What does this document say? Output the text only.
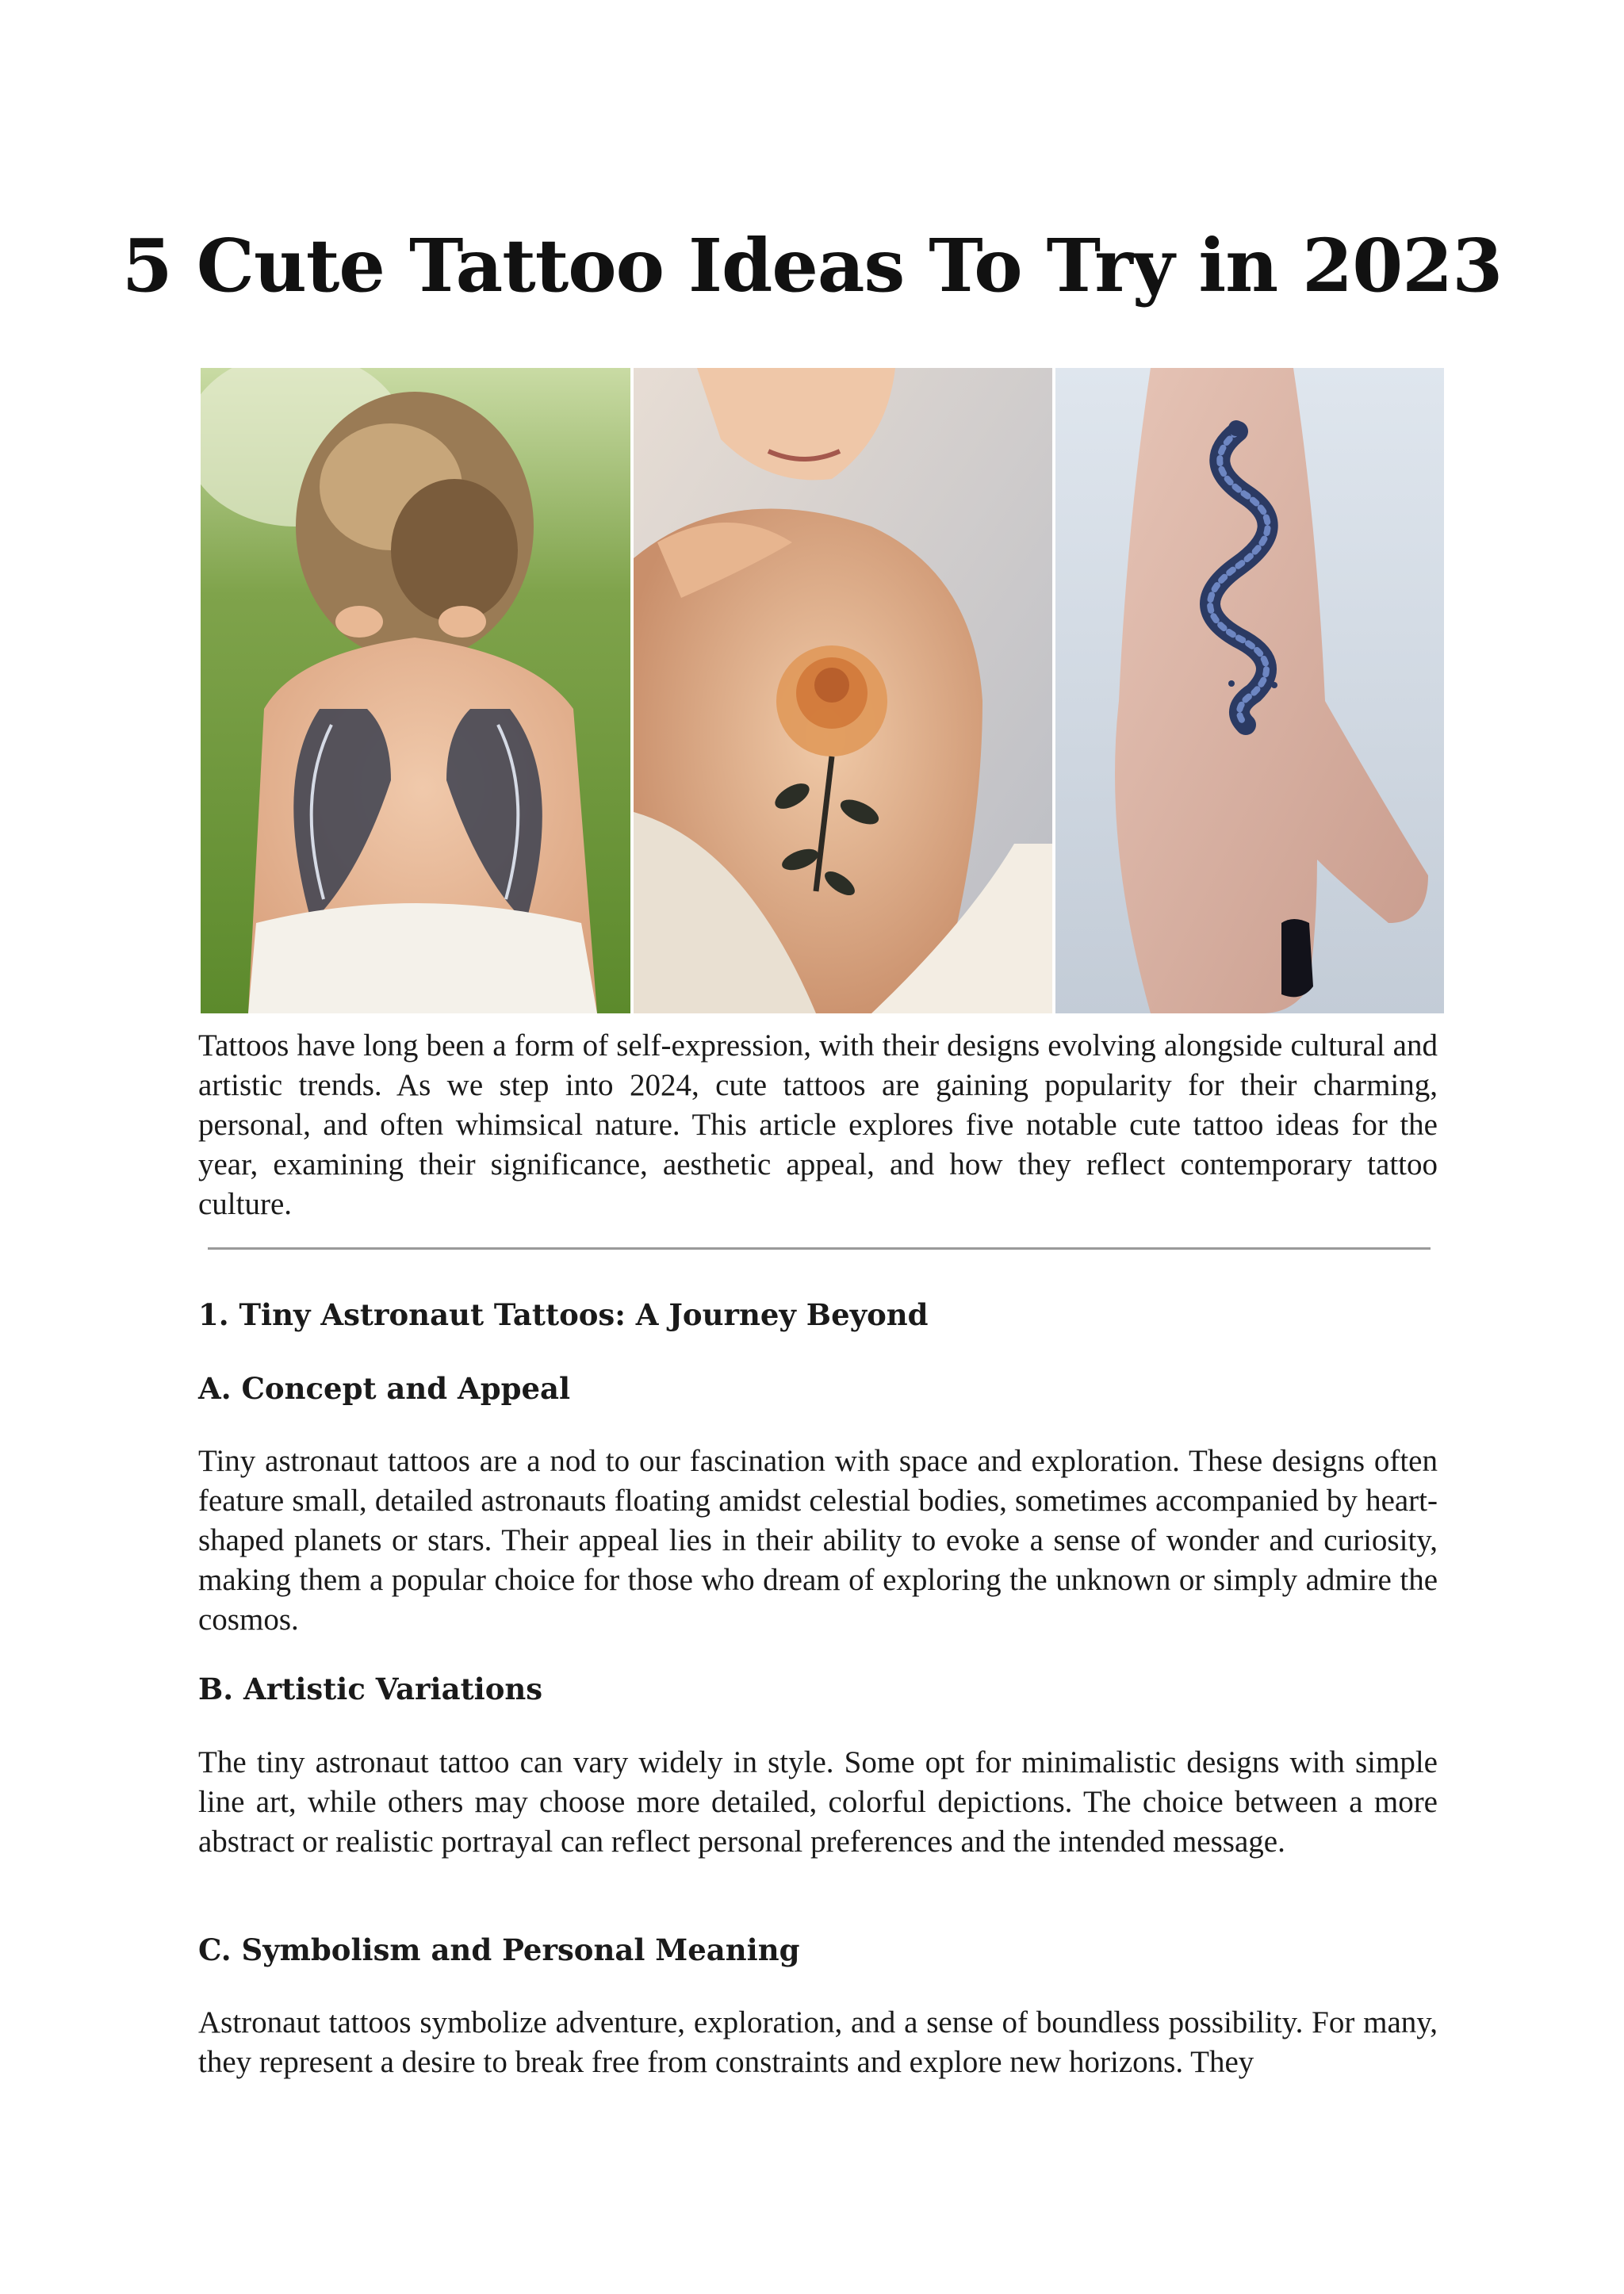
5 Cute Tattoo Ideas To Try in 2023

Tattoos have long been a form of self-expression, with their designs evolving alongside cultural and artistic trends. As we step into 2024, cute tattoos are gaining popularity for their charming, personal, and often whimsical nature. This article explores five notable cute tattoo ideas for the year, examining their significance, aesthetic appeal, and how they reflect contemporary tattoo culture.

1. Tiny Astronaut Tattoos: A Journey Beyond
A. Concept and Appeal

Tiny astronaut tattoos are a nod to our fascination with space and exploration. These designs often feature small, detailed astronauts floating amidst celestial bodies, sometimes accompanied by heart-shaped planets or stars. Their appeal lies in their ability to evoke a sense of wonder and curiosity, making them a popular choice for those who dream of exploring the unknown or simply admire the cosmos.

B. Artistic Variations

The tiny astronaut tattoo can vary widely in style. Some opt for minimalistic designs with simple line art, while others may choose more detailed, colorful depictions. The choice between a more abstract or realistic portrayal can reflect personal preferences and the intended message.

C. Symbolism and Personal Meaning

Astronaut tattoos symbolize adventure, exploration, and a sense of boundless possibility. For many, they represent a desire to break free from constraints and explore new horizons. They
